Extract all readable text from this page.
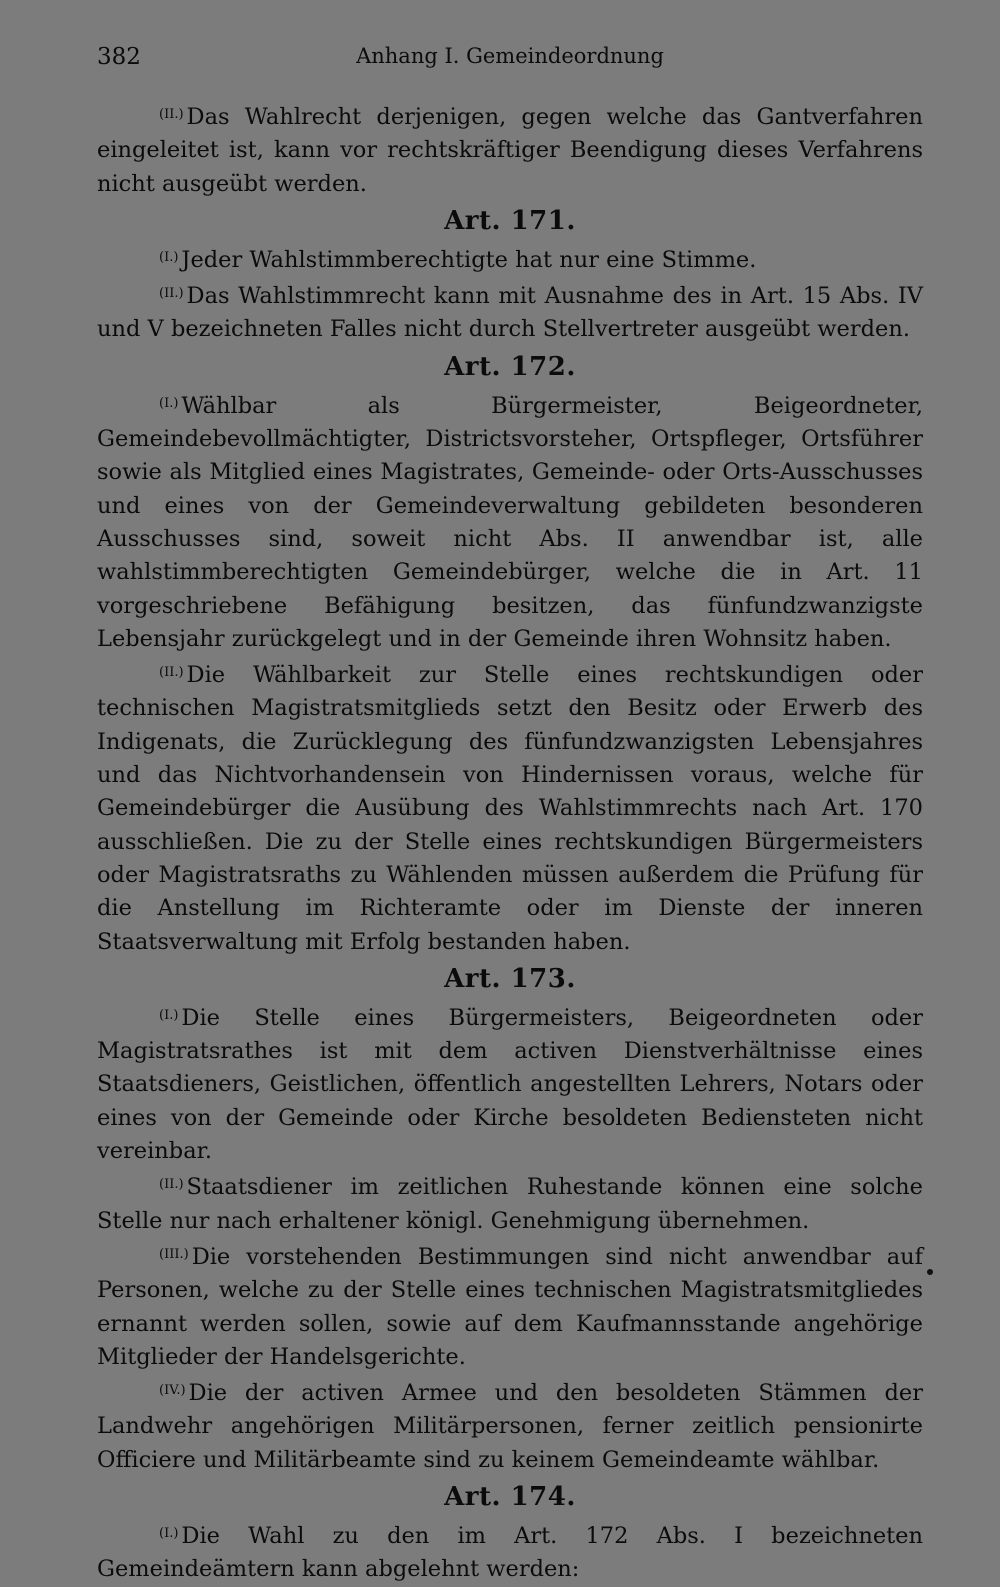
382	Anhang I. Gemeindeordnung

$^{(II.)}$ Das Wahlrecht derjenigen, gegen welche das Gantverfahren eingeleitet ist, kann vor rechtskräftiger Beendigung dieses Verfahrens nicht ausgeübt werden.

Art. 171.

$^{(I.)}$ Jeder Wahlstimmberechtigte hat nur eine Stimme.

$^{(II.)}$ Das Wahlstimmrecht kann mit Ausnahme des in Art. 15 Abs. IV und V bezeichneten Falles nicht durch Stellvertreter ausgeübt werden.

Art. 172.

$^{(I.)}$ Wählbar als Bürgermeister, Beigeordneter, Gemeindebevollmächtigter, Districtsvorsteher, Ortspfleger, Ortsführer sowie als Mitglied eines Magistrates, Gemeinde- oder Orts-Ausschusses und eines von der Gemeindeverwaltung gebildeten besonderen Ausschusses sind, soweit nicht Abs. II anwendbar ist, alle wahlstimmberechtigten Gemeindebürger, welche die in Art. 11 vorgeschriebene Befähigung besitzen, das fünfundzwanzigste Lebensjahr zurückgelegt und in der Gemeinde ihren Wohnsitz haben.

$^{(II.)}$ Die Wählbarkeit zur Stelle eines rechtskundigen oder technischen Magistratsmitglieds setzt den Besitz oder Erwerb des Indigenats, die Zurücklegung des fünfundzwanzigsten Lebensjahres und das Nichtvorhandensein von Hindernissen voraus, welche für Gemeindebürger die Ausübung des Wahlstimmrechts nach Art. 170 ausschließen. Die zu der Stelle eines rechtskundigen Bürgermeisters oder Magistratsraths zu Wählenden müssen außerdem die Prüfung für die Anstellung im Richteramte oder im Dienste der inneren Staatsverwaltung mit Erfolg bestanden haben.

Art. 173.

$^{(I.)}$ Die Stelle eines Bürgermeisters, Beigeordneten oder Magistratsrathes ist mit dem activen Dienstverhältnisse eines Staatsdieners, Geistlichen, öffentlich angestellten Lehrers, Notars oder eines von der Gemeinde oder Kirche besoldeten Bediensteten nicht vereinbar.

$^{(II.)}$ Staatsdiener im zeitlichen Ruhestande können eine solche Stelle nur nach erhaltener königl. Genehmigung übernehmen.

$^{(III.)}$ Die vorstehenden Bestimmungen sind nicht anwendbar auf Personen, welche zu der Stelle eines technischen Magistratsmitgliedes ernannt werden sollen, sowie auf dem Kaufmannsstande angehörige Mitglieder der Handelsgerichte.

$^{(IV.)}$ Die der activen Armee und den besoldeten Stämmen der Landwehr angehörigen Militärpersonen, ferner zeitlich pensionirte Officiere und Militärbeamte sind zu keinem Gemeindeamte wählbar.

Art. 174.

$^{(I.)}$ Die Wahl zu den im Art. 172 Abs. I bezeichneten Gemeindeämtern kann abgelehnt werden:
